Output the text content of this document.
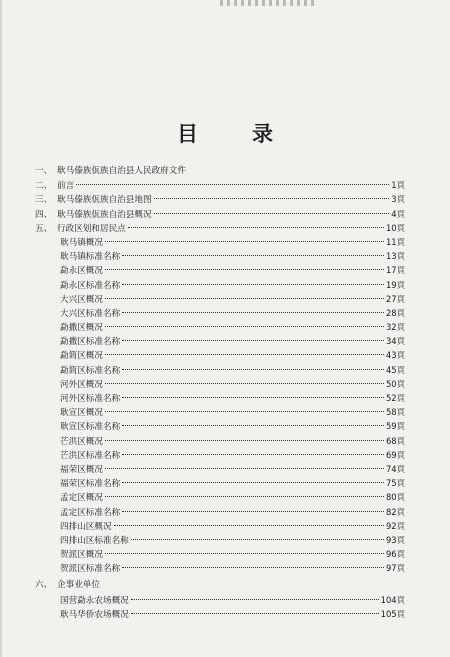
目录
一、 耿马傣族佤族自治县人民政府文件
二、 前言	1頁
三、 耿马傣族佤族自治县地图	3頁
四、 耿马傣族佤族自治县概况	4頁
五、 行政区划和居民点	10頁
耿马镇概况	11頁
耿马镇标准名称	13頁
勐永区概况	17頁
勐永区标准名称	19頁
大兴区概况	27頁
大兴区标准名称	28頁
勐撒区概况	32頁
勐撒区标准名称	34頁
勐简区概况	43頁
勐简区标准名称	45頁
河外区概况	50頁
河外区标准名称	52頁
耿宣区概况	58頁
耿宣区标准名称	59頁
芒洪区概况	68頁
芒洪区标准名称	69頁
福荣区概况	74頁
福荣区标准名称	75頁
孟定区概况	80頁
孟定区标准名称	82頁
四排山区概况	92頁
四排山区标准名称	93頁
贺派区概况	96頁
贺派区标准名称	97頁
六、 企事业单位
国营勐永农场概况	104頁
耿马华侨农场概况	105頁
